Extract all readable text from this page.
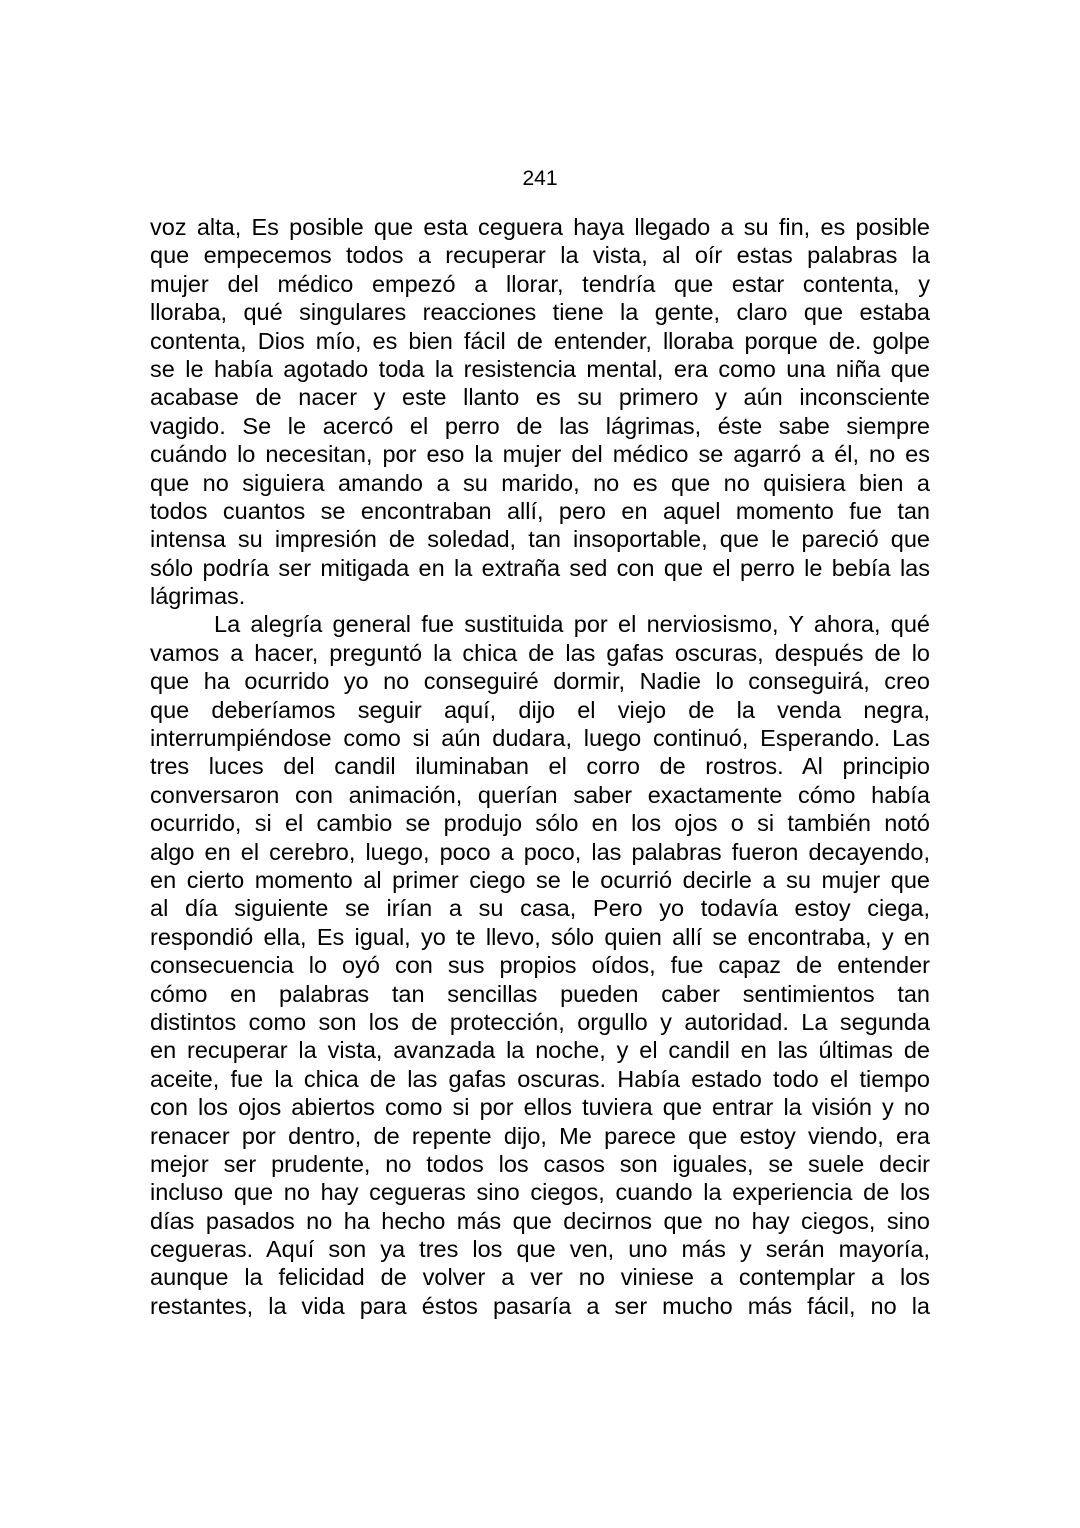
241
voz alta, Es posible que esta ceguera haya llegado a su fin, es posible
que empecemos todos a recuperar la vista, al oír estas palabras la
mujer del médico empezó a llorar, tendría que estar contenta, y
lloraba, qué singulares reacciones tiene la gente, claro que estaba
contenta, Dios mío, es bien fácil de entender, lloraba porque de. golpe
se le había agotado toda la resistencia mental, era como una niña que
acabase de nacer y este llanto es su primero y aún inconsciente
vagido. Se le acercó el perro de las lágrimas, éste sabe siempre
cuándo lo necesitan, por eso la mujer del médico se agarró a él, no es
que no siguiera amando a su marido, no es que no quisiera bien a
todos cuantos se encontraban allí, pero en aquel momento fue tan
intensa su impresión de soledad, tan insoportable, que le pareció que
sólo podría ser mitigada en la extraña sed con que el perro le bebía las
lágrimas.
La alegría general fue sustituida por el nerviosismo, Y ahora, qué
vamos a hacer, preguntó la chica de las gafas oscuras, después de lo
que ha ocurrido yo no conseguiré dormir, Nadie lo conseguirá, creo
que deberíamos seguir aquí, dijo el viejo de la venda negra,
interrumpiéndose como si aún dudara, luego continuó, Esperando. Las
tres luces del candil iluminaban el corro de rostros. Al principio
conversaron con animación, querían saber exactamente cómo había
ocurrido, si el cambio se produjo sólo en los ojos o si también notó
algo en el cerebro, luego, poco a poco, las palabras fueron decayendo,
en cierto momento al primer ciego se le ocurrió decirle a su mujer que
al día siguiente se irían a su casa, Pero yo todavía estoy ciega,
respondió ella, Es igual, yo te llevo, sólo quien allí se encontraba, y en
consecuencia lo oyó con sus propios oídos, fue capaz de entender
cómo en palabras tan sencillas pueden caber sentimientos tan
distintos como son los de protección, orgullo y autoridad. La segunda
en recuperar la vista, avanzada la noche, y el candil en las últimas de
aceite, fue la chica de las gafas oscuras. Había estado todo el tiempo
con los ojos abiertos como si por ellos tuviera que entrar la visión y no
renacer por dentro, de repente dijo, Me parece que estoy viendo, era
mejor ser prudente, no todos los casos son iguales, se suele decir
incluso que no hay cegueras sino ciegos, cuando la experiencia de los
días pasados no ha hecho más que decirnos que no hay ciegos, sino
cegueras. Aquí son ya tres los que ven, uno más y serán mayoría,
aunque la felicidad de volver a ver no viniese a contemplar a los
restantes, la vida para éstos pasaría a ser mucho más fácil, no la
